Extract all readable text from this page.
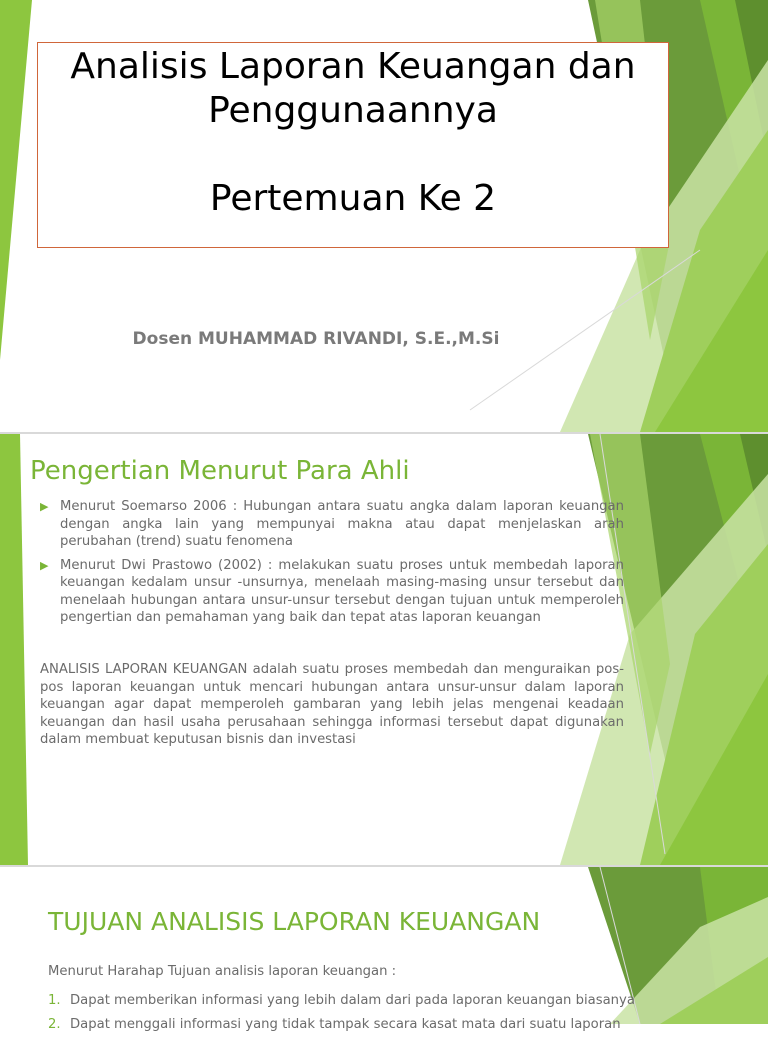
Analisis Laporan Keuangan dan
Penggunaannya
Pertemuan Ke 2
Dosen MUHAMMAD RIVANDI, S.E.,M.Si
Pengertian Menurut Para Ahli
▶ Menurut Soemarso 2006 : Hubungan antara suatu angka dalam laporan keuangan dengan angka lain yang mempunyai makna atau dapat menjelaskan arah perubahan (trend) suatu fenomena
▶ Menurut Dwi Prastowo (2002) : melakukan suatu proses untuk membedah laporan keuangan kedalam unsur -unsurnya, menelaah masing-masing unsur tersebut dan menelaah hubungan antara unsur-unsur tersebut dengan tujuan untuk memperoleh pengertian dan pemahaman yang baik dan tepat atas laporan keuangan
ANALISIS LAPORAN KEUANGAN adalah suatu proses membedah dan menguraikan pos-pos laporan keuangan untuk mencari hubungan antara unsur-unsur dalam laporan keuangan agar dapat memperoleh gambaran yang lebih jelas mengenai keadaan keuangan dan hasil usaha perusahaan sehingga informasi tersebut dapat digunakan dalam membuat keputusan bisnis dan investasi
TUJUAN ANALISIS LAPORAN KEUANGAN
Menurut Harahap Tujuan analisis laporan keuangan :
1. Dapat memberikan informasi yang lebih dalam dari pada laporan keuangan biasanya
2. Dapat menggali informasi yang tidak tampak secara kasat mata dari suatu laporan
